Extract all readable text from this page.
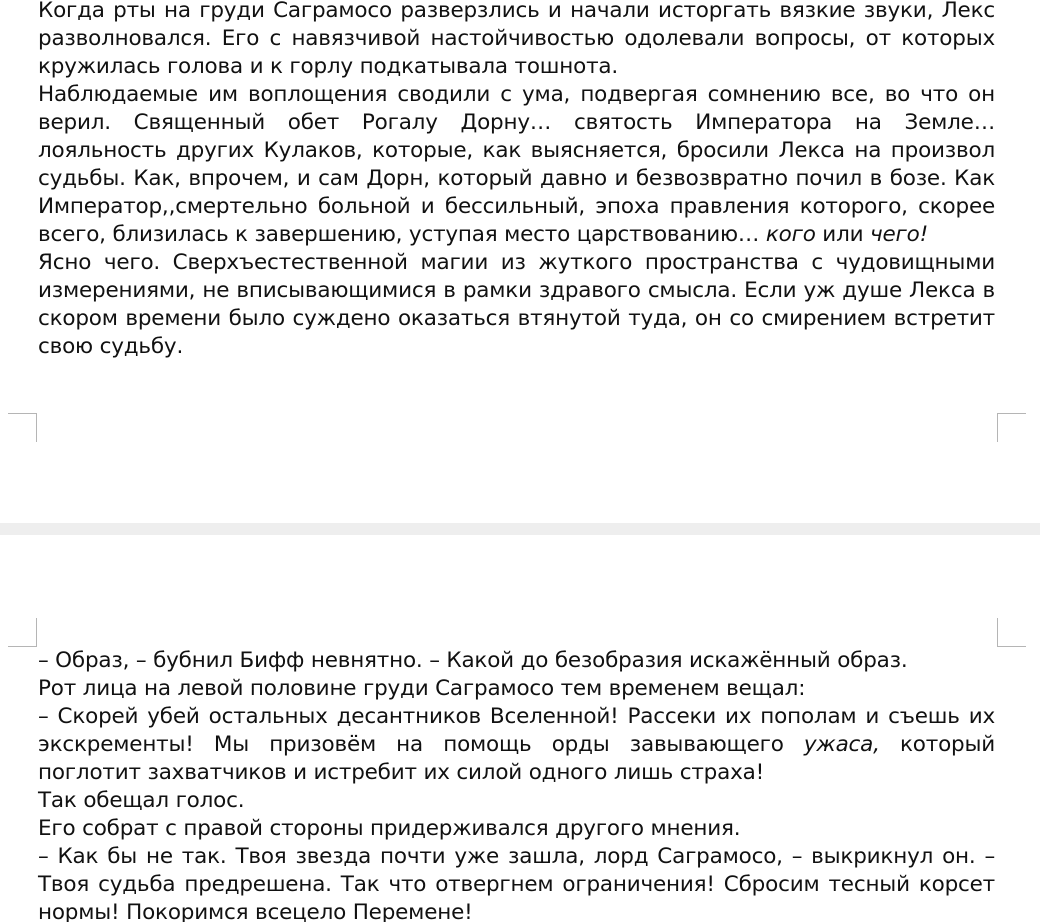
Когда рты на груди Саграмосо разверзлись и начали исторгать вязкие звуки, Лекс разволновался. Его с навязчивой настойчивостью одолевали вопросы, от которых кружилась голова и к горлу подкатывала тошнота.

Наблюдаемые им воплощения сводили с ума, подвергая сомнению все, во что он верил. Священный обет Рогалу Дорну… святость Императора на Земле… лояльность других Кулаков, которые, как выясняется, бросили Лекса на произвол судьбы. Как, впрочем, и сам Дорн, который давно и безвозвратно почил в бозе. Как Император,,смертельно больной и бессильный, эпоха правления которого, скорее всего, близилась к завершению, уступая место царствованию… кого или чего!

Ясно чего. Сверхъестественной магии из жуткого пространства с чудовищными измерениями, не вписывающимися в рамки здравого смысла. Если уж душе Лекса в скором времени было суждено оказаться втянутой туда, он со смирением встретит свою судьбу.

– Образ, – бубнил Бифф невнятно. – Какой до безобразия искажённый образ.

Рот лица на левой половине груди Саграмосо тем временем вещал:

– Скорей убей остальных десантников Вселенной! Рассеки их пополам и съешь их экскременты! Мы призовём на помощь орды завывающего ужаса, который поглотит захватчиков и истребит их силой одного лишь страха!

Так обещал голос.

Его собрат с правой стороны придерживался другого мнения.

– Как бы не так. Твоя звезда почти уже зашла, лорд Саграмосо, – выкрикнул он. – Твоя судьба предрешена. Так что отвергнем ограничения! Сбросим тесный корсет нормы! Покоримся всецело Перемене!
